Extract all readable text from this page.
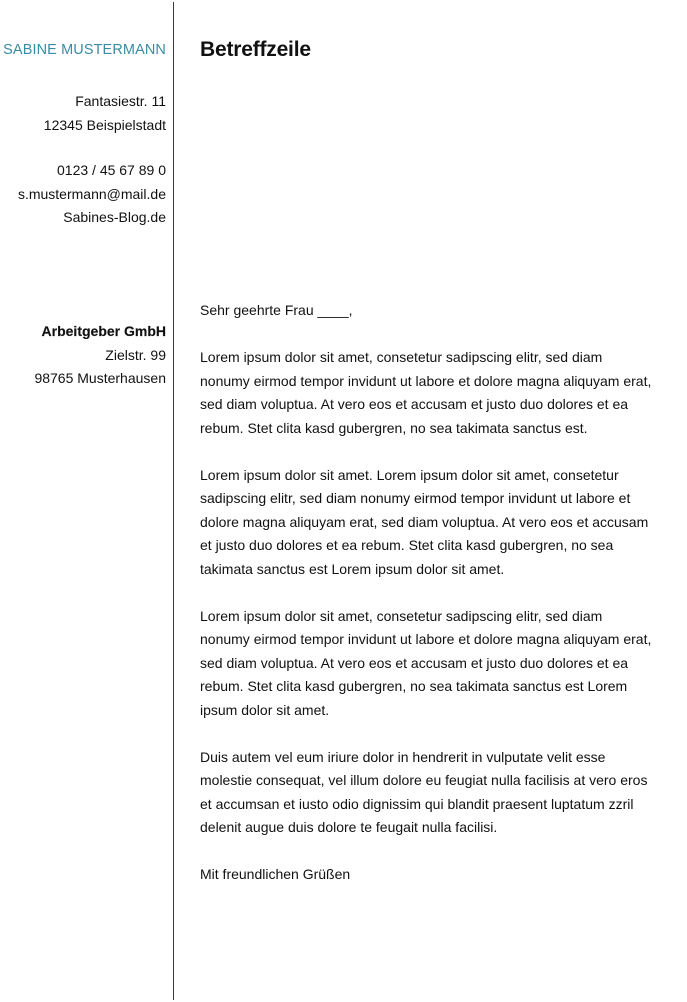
SABINE MUSTERMANN
Fantasiestr. 11
12345 Beispielstadt
0123 / 45 67 89 0
s.mustermann@mail.de
Sabines-Blog.de
Arbeitgeber GmbH
Zielstr. 99
98765 Musterhausen
Betreffzeile
Sehr geehrte Frau ____,

Lorem ipsum dolor sit amet, consetetur sadipscing elitr, sed diam
nonumy eirmod tempor invidunt ut labore et dolore magna aliquyam erat,
sed diam voluptua. At vero eos et accusam et justo duo dolores et ea
rebum. Stet clita kasd gubergren, no sea takimata sanctus est.

Lorem ipsum dolor sit amet. Lorem ipsum dolor sit amet, consetetur
sadipscing elitr, sed diam nonumy eirmod tempor invidunt ut labore et
dolore magna aliquyam erat, sed diam voluptua. At vero eos et accusam
et justo duo dolores et ea rebum. Stet clita kasd gubergren, no sea
takimata sanctus est Lorem ipsum dolor sit amet.

Lorem ipsum dolor sit amet, consetetur sadipscing elitr, sed diam
nonumy eirmod tempor invidunt ut labore et dolore magna aliquyam erat,
sed diam voluptua. At vero eos et accusam et justo duo dolores et ea
rebum. Stet clita kasd gubergren, no sea takimata sanctus est Lorem
ipsum dolor sit amet.

Duis autem vel eum iriure dolor in hendrerit in vulputate velit esse
molestie consequat, vel illum dolore eu feugiat nulla facilisis at vero eros
et accumsan et iusto odio dignissim qui blandit praesent luptatum zzril
delenit augue duis dolore te feugait nulla facilisi.

Mit freundlichen Grüßen
